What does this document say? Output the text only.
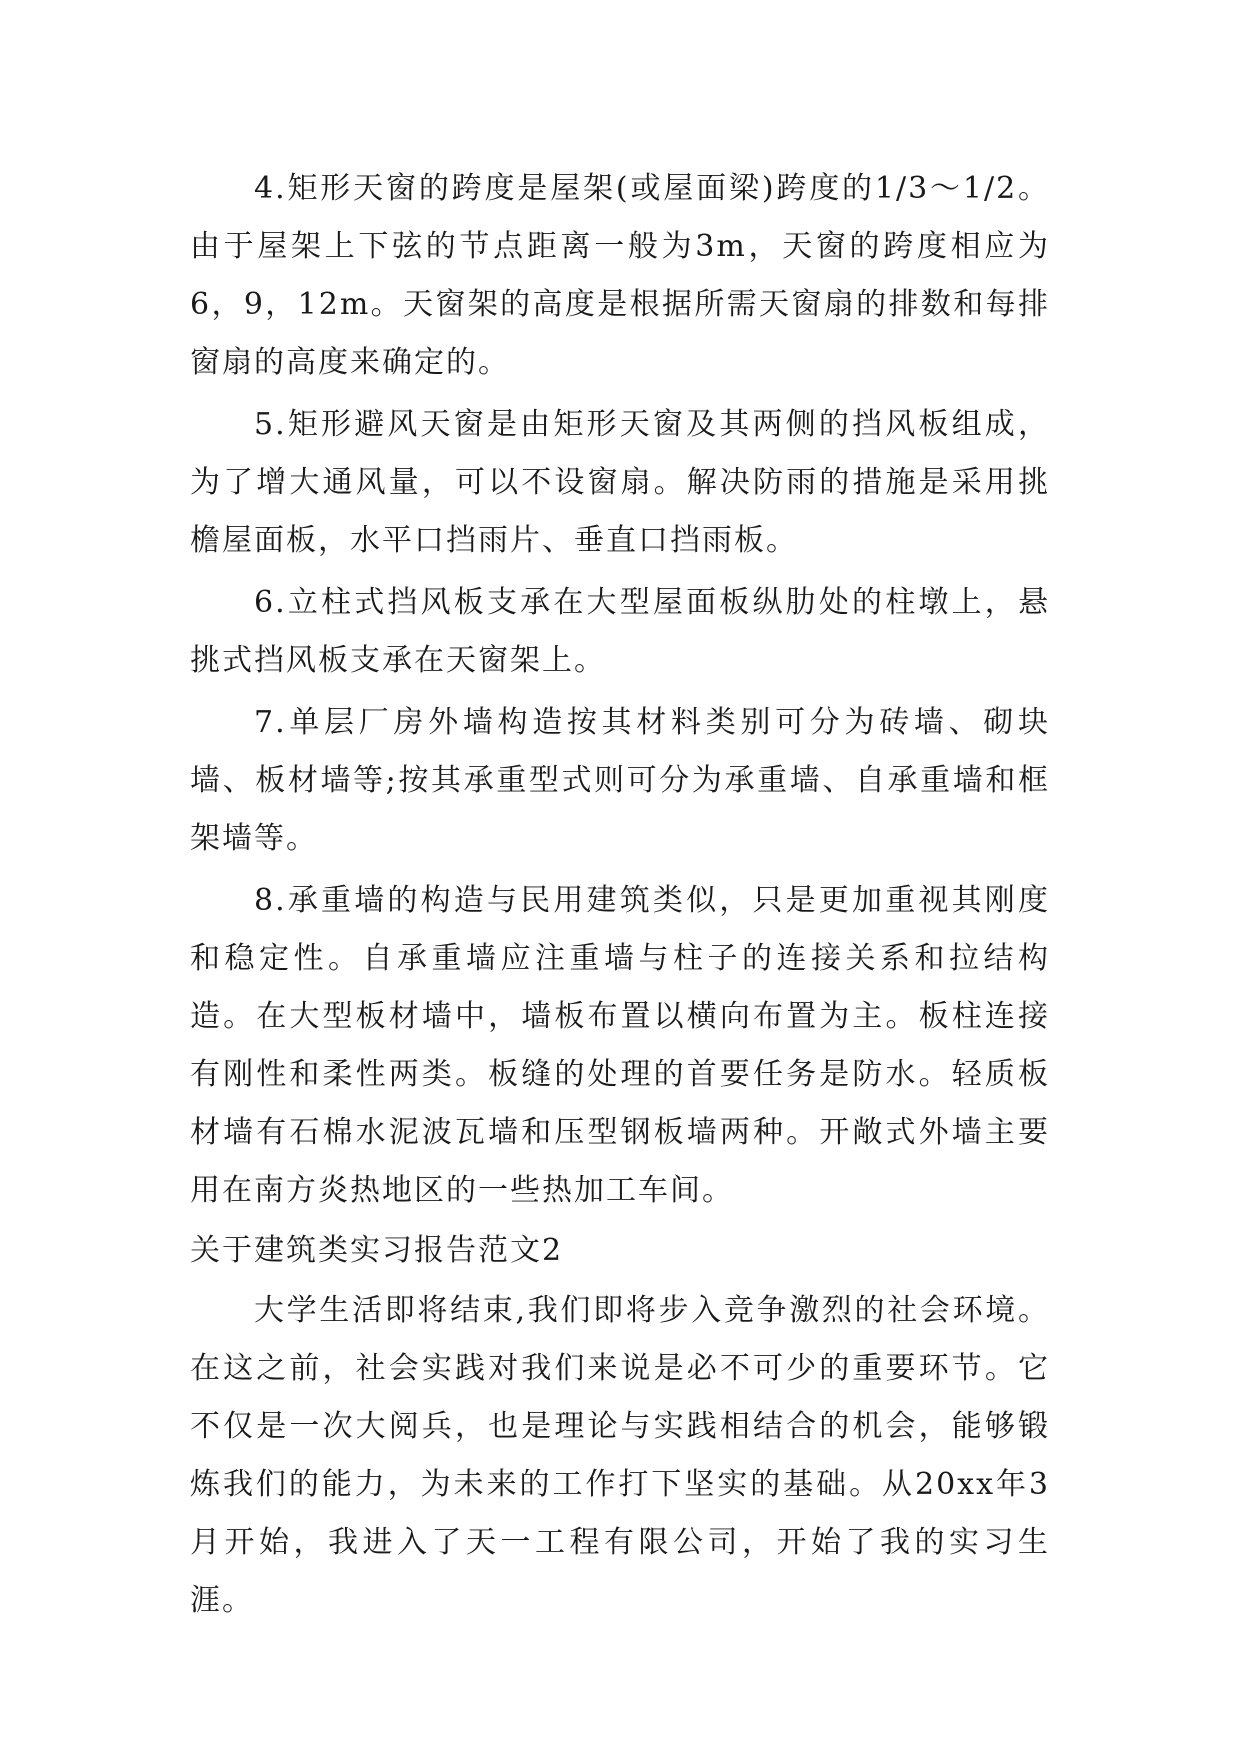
4.矩形天窗的跨度是屋架(或屋面梁)跨度的1/3～1/2。由于屋架上下弦的节点距离一般为3m，天窗的跨度相应为6，9，12m。天窗架的高度是根据所需天窗扇的排数和每排窗扇的高度来确定的。

5.矩形避风天窗是由矩形天窗及其两侧的挡风板组成，为了增大通风量，可以不设窗扇。解决防雨的措施是采用挑檐屋面板，水平口挡雨片、垂直口挡雨板。

6.立柱式挡风板支承在大型屋面板纵肋处的柱墩上，悬挑式挡风板支承在天窗架上。

7.单层厂房外墙构造按其材料类别可分为砖墙、砌块墙、板材墙等;按其承重型式则可分为承重墙、自承重墙和框架墙等。

8.承重墙的构造与民用建筑类似，只是更加重视其刚度和稳定性。自承重墙应注重墙与柱子的连接关系和拉结构造。在大型板材墙中，墙板布置以横向布置为主。板柱连接有刚性和柔性两类。板缝的处理的首要任务是防水。轻质板材墙有石棉水泥波瓦墙和压型钢板墙两种。开敞式外墙主要用在南方炎热地区的一些热加工车间。

关于建筑类实习报告范文2

大学生活即将结束,我们即将步入竞争激烈的社会环境。在这之前，社会实践对我们来说是必不可少的重要环节。它不仅是一次大阅兵，也是理论与实践相结合的机会，能够锻炼我们的能力，为未来的工作打下坚实的基础。从20xx年3月开始，我进入了天一工程有限公司，开始了我的实习生涯。
